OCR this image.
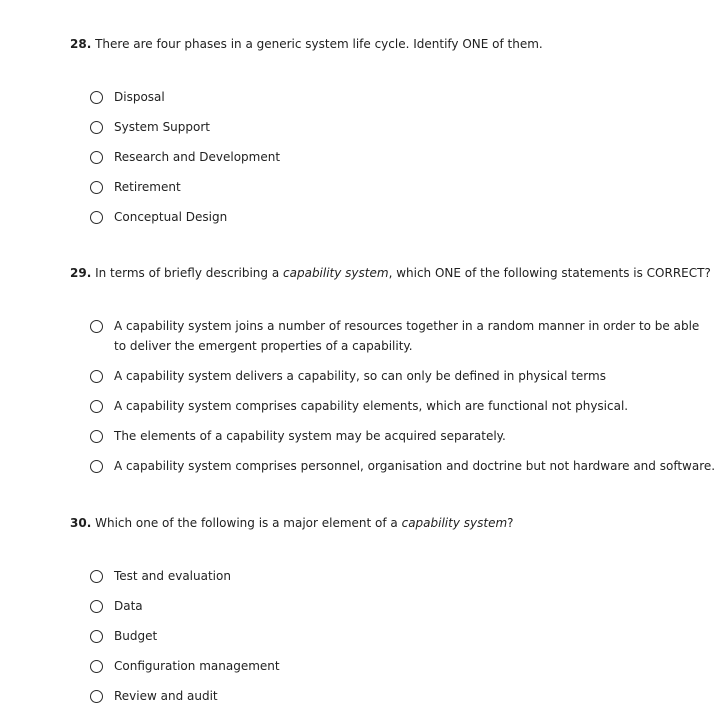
28. There are four phases in a generic system life cycle. Identify ONE of them.

Disposal
System Support
Research and Development
Retirement
Conceptual Design

29. In terms of briefly describing a capability system, which ONE of the following statements is CORRECT?

A capability system joins a number of resources together in a random manner in order to be able to deliver the emergent properties of a capability.
A capability system delivers a capability, so can only be defined in physical terms
A capability system comprises capability elements, which are functional not physical.
The elements of a capability system may be acquired separately.
A capability system comprises personnel, organisation and doctrine but not hardware and software.

30. Which one of the following is a major element of a capability system?

Test and evaluation
Data
Budget
Configuration management
Review and audit
